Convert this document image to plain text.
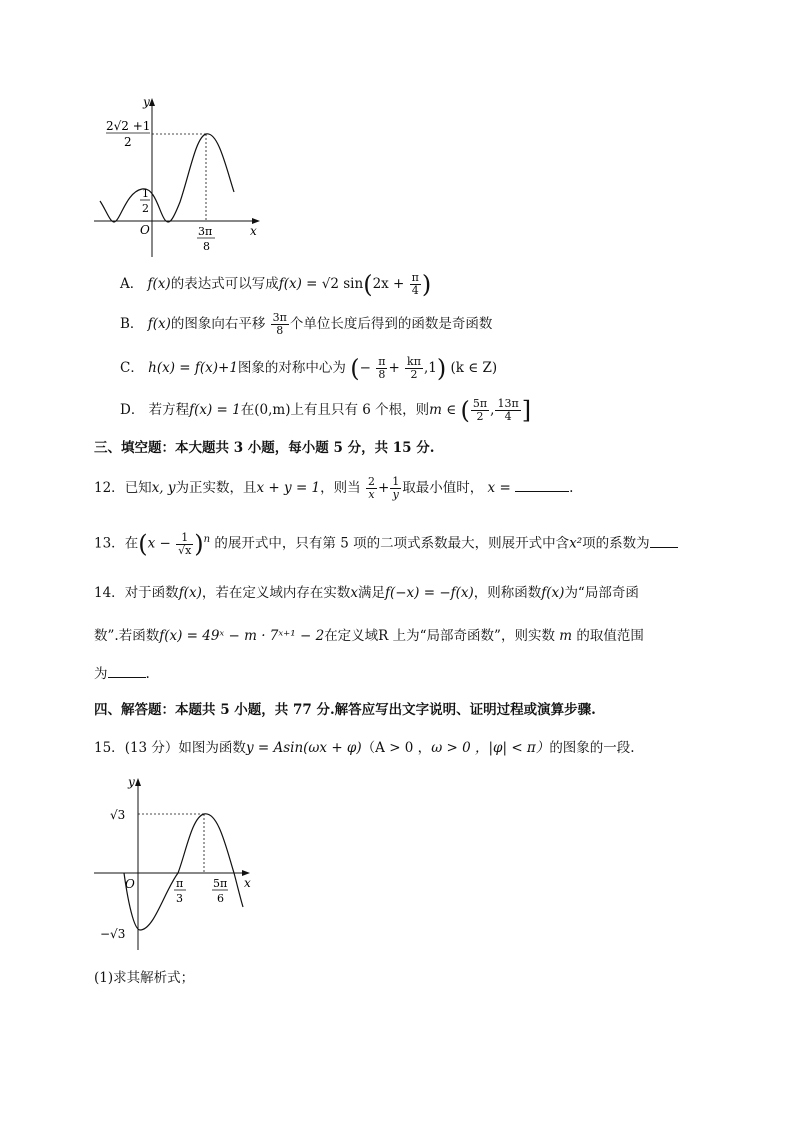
y
x
O
2√2 +1
2
1
2
3π
8
A． f(x)的表达式可以写成f(x) = √2 $\sin(2x + \frac{\pi}{4}$ )
B． f(x)的图象向右平移 $\frac{3\pi}{8}$ 个单位长度后得到的函数是奇函数
C． h(x) = f(x)+1图象的对称中心为 (− $\frac{\pi}{8} + \frac{k\pi}{2} ,1$) (k ∈ Z)
D． 若方程f(x) = 1在(0,m)上有且只有 6 个根，则m ∈ ( $\frac{5\pi}{2}$ , $\frac{13\pi}{4}$ ]
三、填空题：本大题共 3 小题，每小题 5 分，共 15 分.
12．已知x, y为正实数，且x + y = 1，则当 $\frac{2}{x} + \frac{1}{y}$ 取最小值时， x =	.
13．在$(x - \frac{1}{√x} )^n$ 的展开式中，只有第 5 项的二项式系数最大，则展开式中含x²项的系数为
14．对于函数f(x)，若在定义域内存在实数x满足f(−x) = −f(x)，则称函数f(x)为“局部奇函
数”.若函数f(x) = 49ˣ − m · 7ˣ⁺¹ − 2在定义域R 上为“局部奇函数”，则实数 m 的取值范围
为	.
四、解答题：本题共 5 小题，共 77 分.解答应写出文字说明、证明过程或演算步骤.
15．(13 分）如图为函数y = Asin(ωx + φ)（A > 0 ，ω > 0 ，|φ| < π）的图象的一段.
y
x
O
√3
−√3
π
3
5π
6
(1)求其解析式；
